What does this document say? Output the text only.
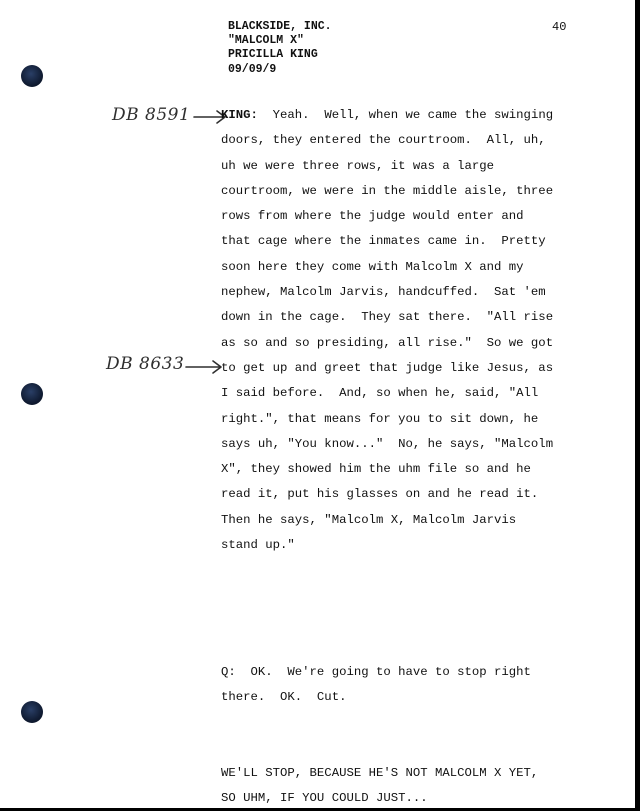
BLACKSIDE, INC.
"MALCOLM X"
PRICILLA KING
09/09/9
40
DB 8591
DB 8633
KING:  Yeah.  Well, when we came the swinging
doors, they entered the courtroom.  All, uh,
uh we were three rows, it was a large
courtroom, we were in the middle aisle, three
rows from where the judge would enter and
that cage where the inmates came in.  Pretty
soon here they come with Malcolm X and my
nephew, Malcolm Jarvis, handcuffed.  Sat 'em
down in the cage.  They sat there.  "All rise
as so and so presiding, all rise."  So we got
to get up and greet that judge like Jesus, as
I said before.  And, so when he, said, "All
right.", that means for you to sit down, he
says uh, "You know..."  No, he says, "Malcolm
X", they showed him the uhm file so and he
read it, put his glasses on and he read it.
Then he says, "Malcolm X, Malcolm Jarvis
stand up."
Q:  OK.  We're going to have to stop right
there.  OK.  Cut.
WE'LL STOP, BECAUSE HE'S NOT MALCOLM X YET,
SO UHM, IF YOU COULD JUST...
